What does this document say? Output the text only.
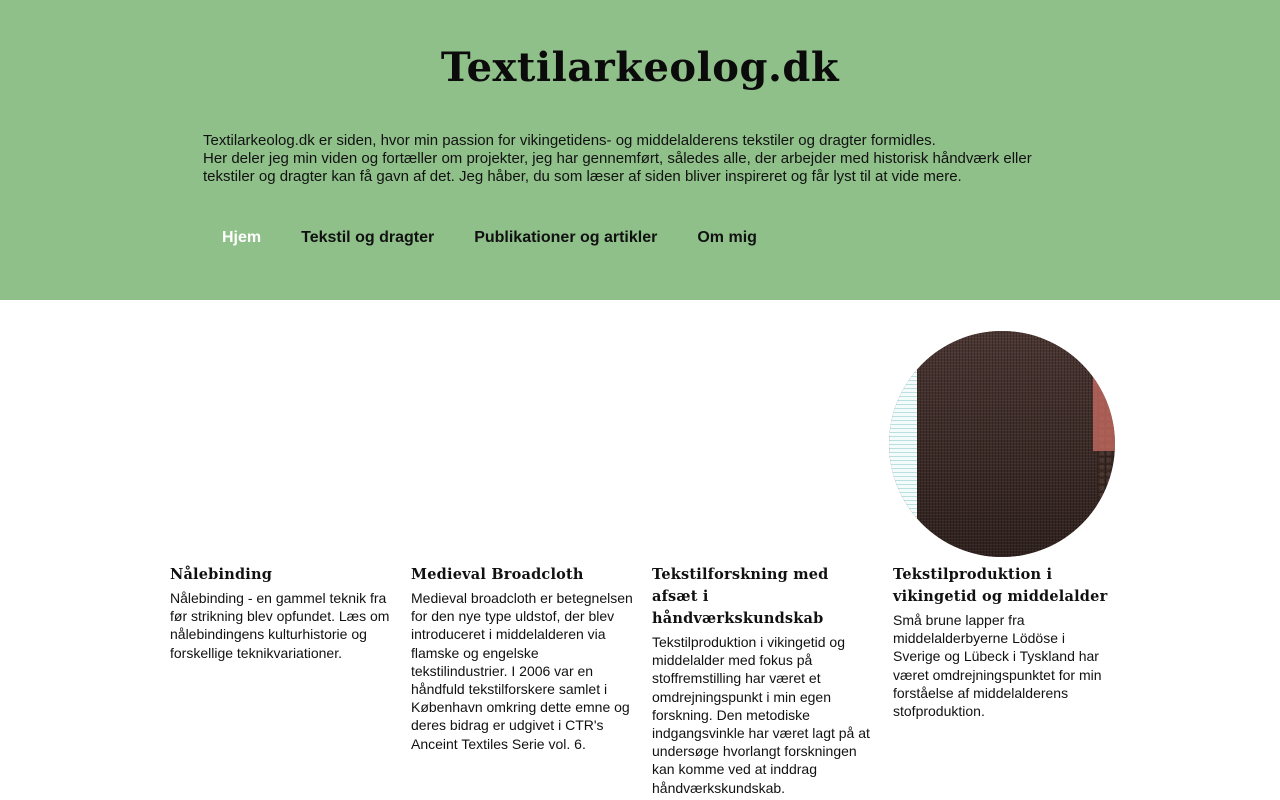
Textilarkeolog.dk

Textilarkeolog.dk er siden, hvor min passion for vikingetidens- og middelalderens tekstiler og dragter formidles.

Her deler jeg min viden og fortæller om projekter, jeg har gennemført, således alle, der arbejder med historisk håndværk eller tekstiler og dragter kan få gavn af det. Jeg håber, du som læser af siden bliver inspireret og får lyst til at vide mere.

Hjem	Tekstil og dragter	Publikationer og artikler	Om mig
Nålebinding

Nålebinding - en gammel teknik fra før strikning blev opfundet. Læs om nålebindingens kulturhistorie og forskellige teknikvariationer.

Medieval Broadcloth

Medieval broadcloth er betegnelsen for den nye type uldstof, der blev introduceret i middelalderen via flamske og engelske tekstilindustrier. I 2006 var en håndfuld tekstilforskere samlet i København omkring dette emne og deres bidrag er udgivet i CTR's Anceint Textiles Serie vol. 6.

Tekstilforskning med afsæt i håndværkskundskab

Tekstilproduktion i vikingetid og middelalder med fokus på stoffremstilling har været et omdrejningspunkt i min egen forskning. Den metodiske indgangsvinkle har været lagt på at undersøge hvorlangt forskningen kan komme ved at inddrag håndværkskundskab.

Tekstilproduktion i vikingetid og middelalder

Små brune lapper fra middelalderbyerne Lödöse i Sverige og Lübeck i Tyskland har været omdrejningspunktet for min forståelse af middelalderens stofproduktion.
